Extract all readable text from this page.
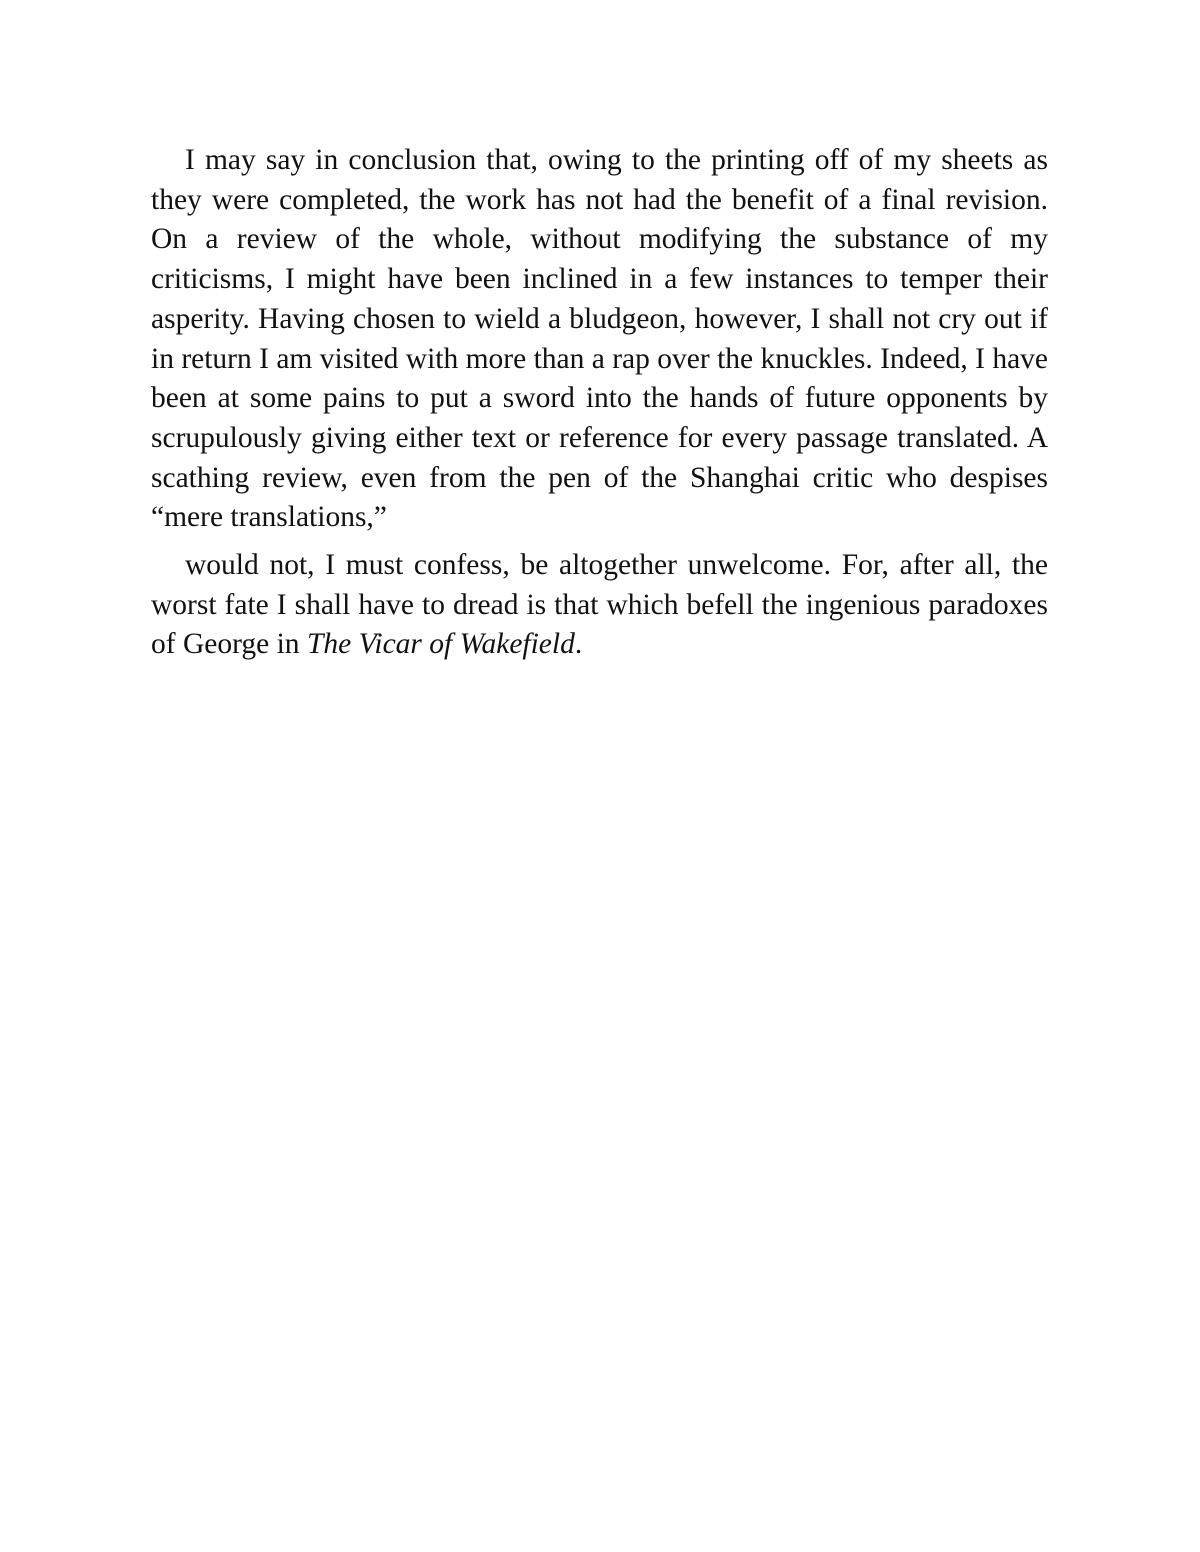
I may say in conclusion that, owing to the printing off of my sheets as they were completed, the work has not had the benefit of a final revision. On a review of the whole, without modifying the substance of my criticisms, I might have been inclined in a few instances to temper their asperity. Having chosen to wield a bludgeon, however, I shall not cry out if in return I am visited with more than a rap over the knuckles. Indeed, I have been at some pains to put a sword into the hands of future opponents by scrupulously giving either text or reference for every passage translated. A scathing review, even from the pen of the Shanghai critic who despises “mere translations,”

would not, I must confess, be altogether unwelcome. For, after all, the worst fate I shall have to dread is that which befell the ingenious paradoxes of George in The Vicar of Wakefield.
